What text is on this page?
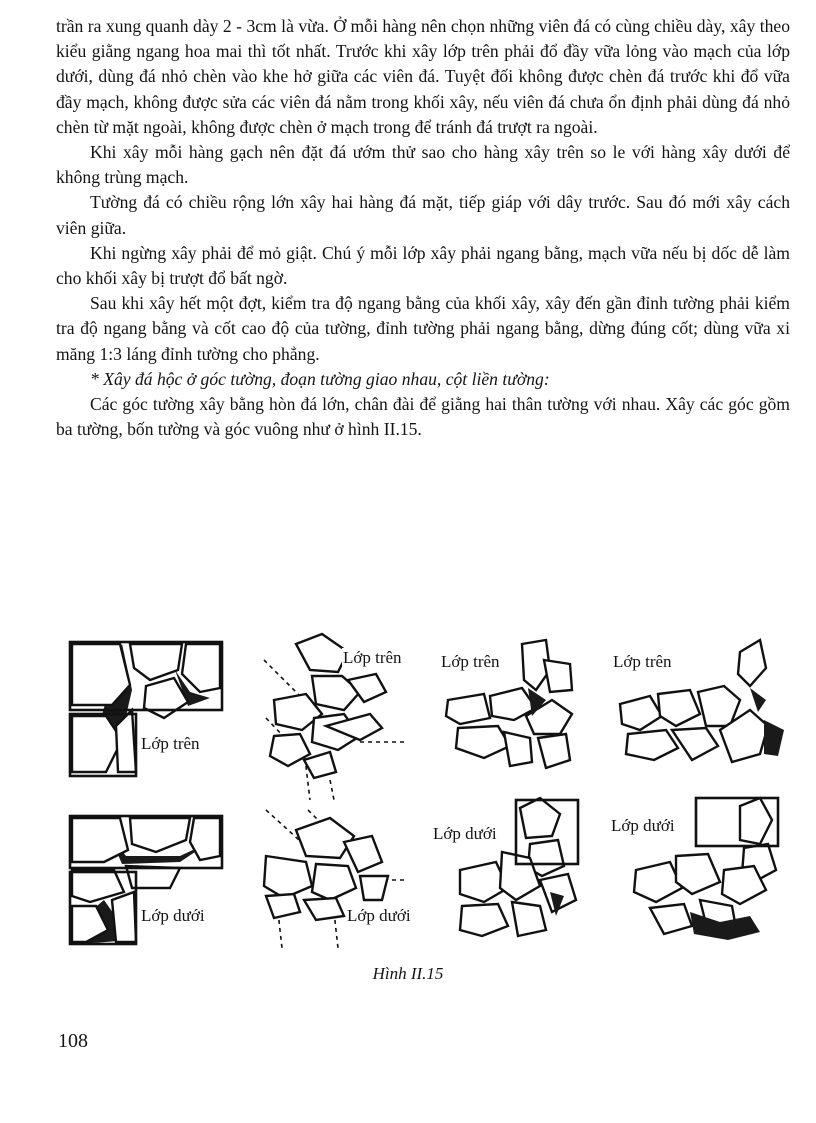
trần ra xung quanh dày 2 - 3cm là vừa. Ở mỗi hàng nên chọn những viên đá có cùng chiều dày, xây theo kiểu giằng ngang hoa mai thì tốt nhất. Trước khi xây lớp trên phải đổ đầy vữa lỏng vào mạch của lớp dưới, dùng đá nhỏ chèn vào khe hở giữa các viên đá. Tuyệt đối không được chèn đá trước khi đổ vữa đầy mạch, không được sửa các viên đá nằm trong khối xây, nếu viên đá chưa ổn định phải dùng đá nhỏ chèn từ mặt ngoài, không được chèn ở mạch trong để tránh đá trượt ra ngoài.

Khi xây mỗi hàng gạch nên đặt đá ướm thử sao cho hàng xây trên so le với hàng xây dưới để không trùng mạch.

Tường đá có chiều rộng lớn xây hai hàng đá mặt, tiếp giáp với dây trước. Sau đó mới xây cách viên giữa.

Khi ngừng xây phải để mỏ giật. Chú ý mỗi lớp xây phải ngang bằng, mạch vữa nếu bị dốc dễ làm cho khối xây bị trượt đổ bất ngờ.

Sau khi xây hết một đợt, kiểm tra độ ngang bằng của khối xây, xây đến gần đỉnh tường phải kiểm tra độ ngang bằng và cốt cao độ của tường, đỉnh tường phải ngang bằng, dừng đúng cốt; dùng vữa xi măng 1:3 láng đỉnh tường cho phẳng.

* Xây đá hộc ở góc tường, đoạn tường giao nhau, cột liền tường:

Các góc tường xây bằng hòn đá lớn, chân đài để giằng hai thân tường với nhau. Xây các góc gồm ba tường, bốn tường và góc vuông như ở hình II.15.

Lớp trên Lớp trên	Lớp trên
Lớp trên
Lớp dưới	Lớp dưới
Lớp dưới	Lớp dưới
Hình II.15
108
